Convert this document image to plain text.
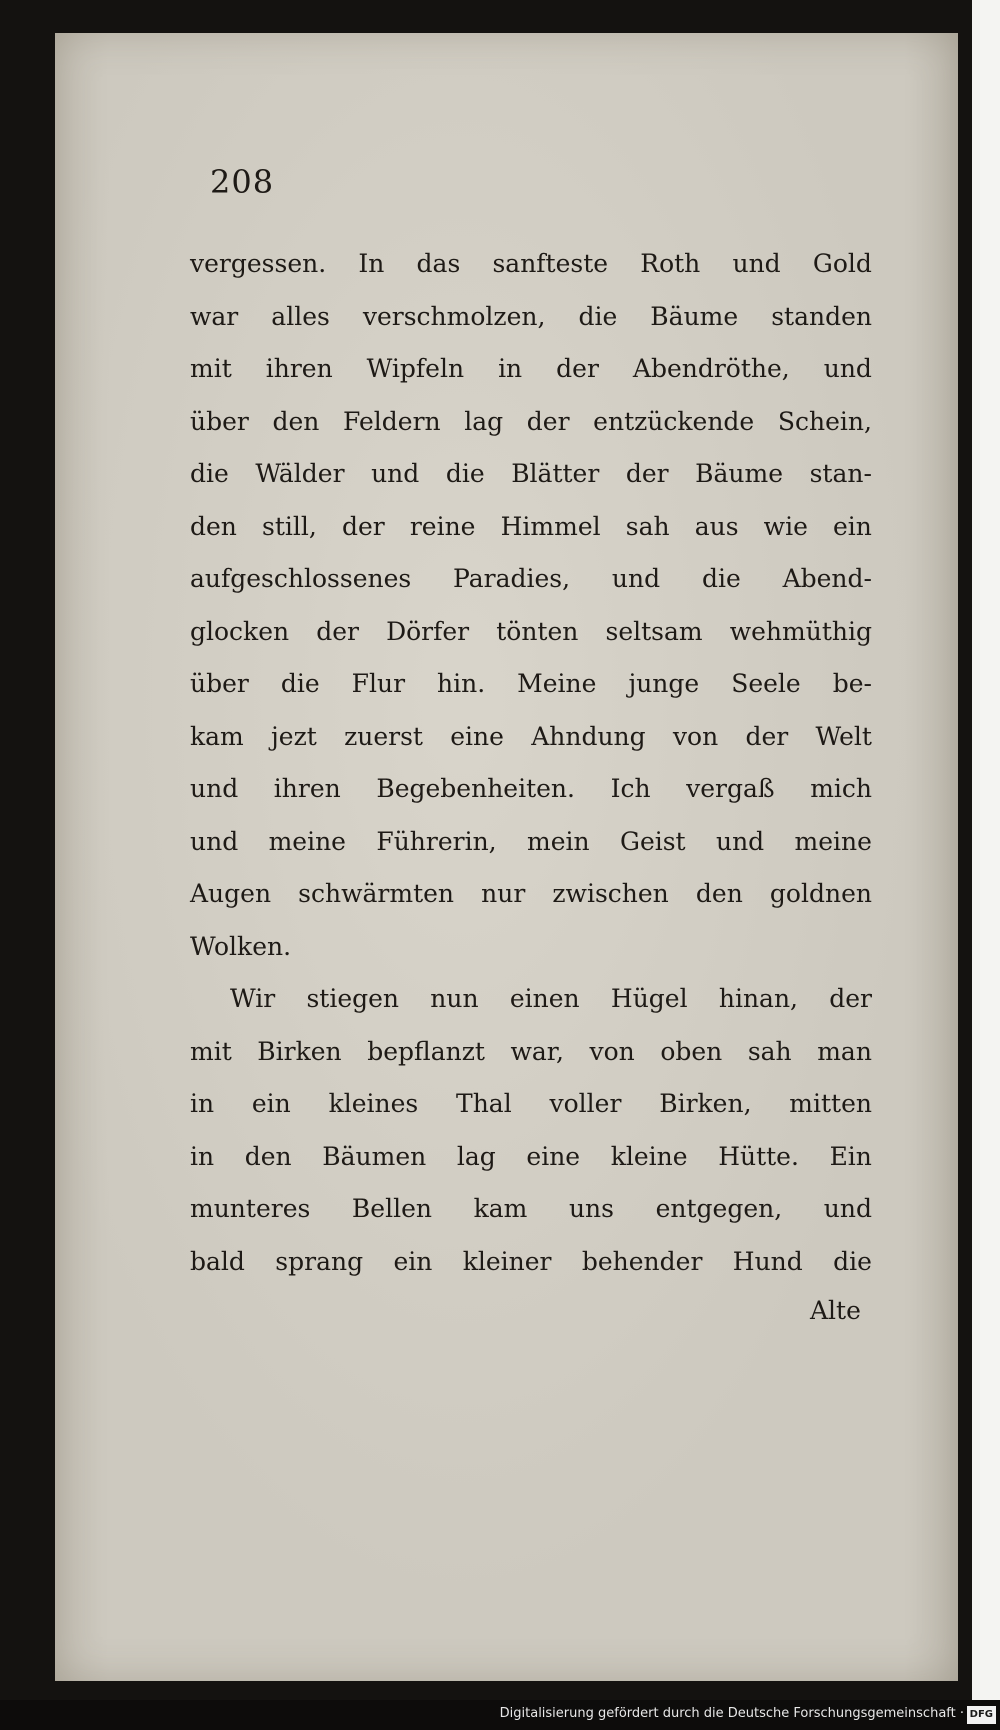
208

vergessen. In das sanfteste Roth und Gold
war alles verschmolzen, die Bäume standen
mit ihren Wipfeln in der Abendröthe, und
über den Feldern lag der entzückende Schein,
die Wälder und die Blätter der Bäume stan-
den still, der reine Himmel sah aus wie ein
aufgeschlossenes Paradies, und die Abend-
glocken der Dörfer tönten seltsam wehmüthig
über die Flur hin. Meine junge Seele be-
kam jezt zuerst eine Ahndung von der Welt
und ihren Begebenheiten. Ich vergaß mich
und meine Führerin, mein Geist und meine
Augen schwärmten nur zwischen den goldnen
Wolken.
Wir stiegen nun einen Hügel hinan, der
mit Birken bepflanzt war, von oben sah man
in ein kleines Thal voller Birken, mitten
in den Bäumen lag eine kleine Hütte. Ein
munteres Bellen kam uns entgegen, und
bald sprang ein kleiner behender Hund die

Alte

Digitalisierung gefördert durch die Deutsche Forschungsgemeinschaft · DFG
